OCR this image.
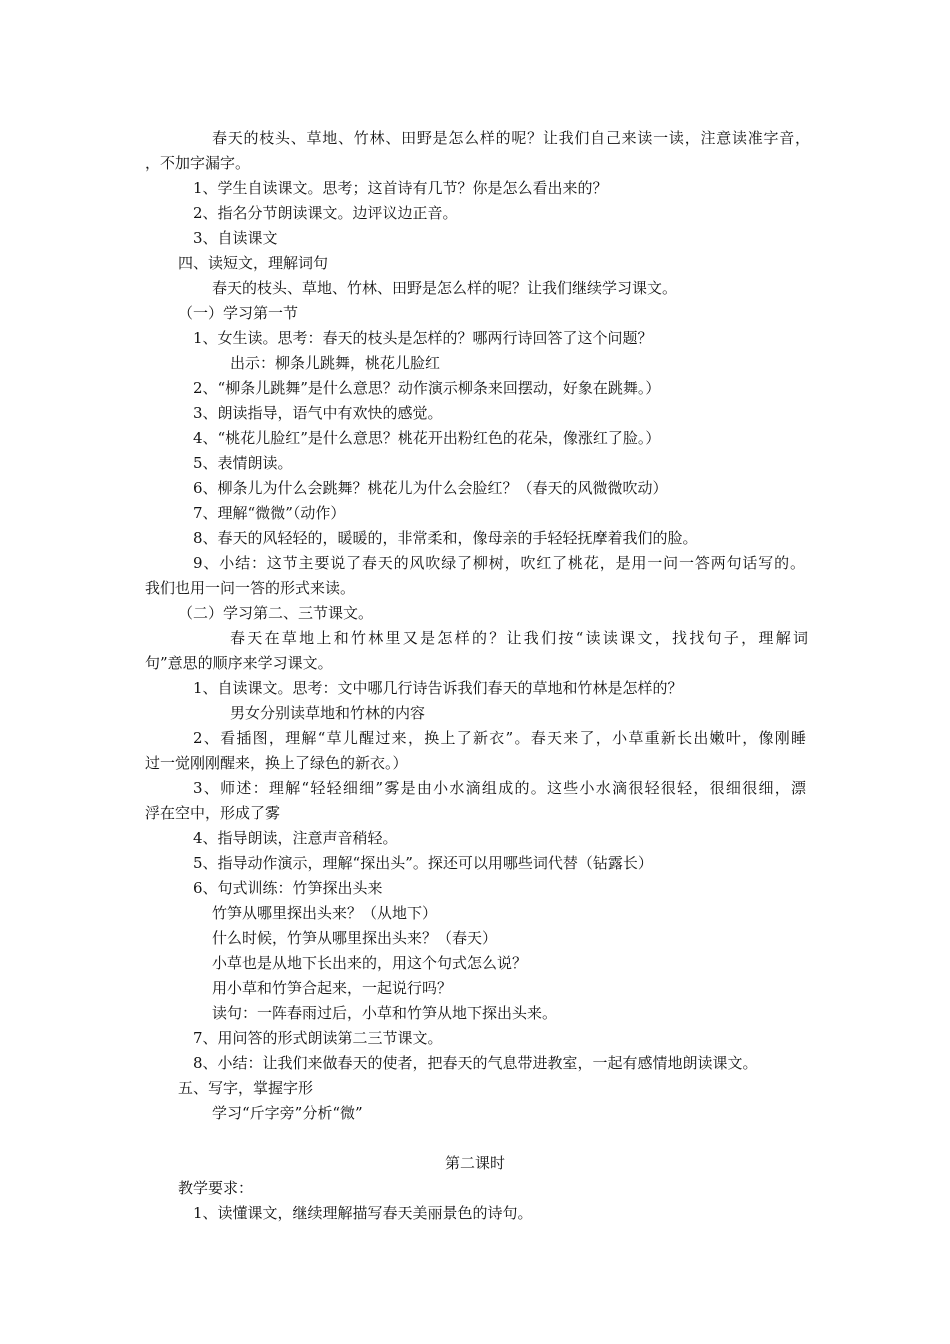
春天的枝头、草地、竹林、田野是怎么样的呢？让我们自己来读一读，注意读准字音，
，不加字漏字。
1、学生自读课文。思考；这首诗有几节？你是怎么看出来的？
2、指名分节朗读课文。边评议边正音。
3、自读课文
四、读短文，理解词句
春天的枝头、草地、竹林、田野是怎么样的呢？让我们继续学习课文。
（一）学习第一节
1、女生读。思考：春天的枝头是怎样的？哪两行诗回答了这个问题？
出示：柳条儿跳舞，桃花儿脸红
2、“柳条儿跳舞”是什么意思？动作演示柳条来回摆动，好象在跳舞。）
3、朗读指导，语气中有欢快的感觉。
4、“桃花儿脸红”是什么意思？桃花开出粉红色的花朵，像涨红了脸。）
5、表情朗读。
6、柳条儿为什么会跳舞？桃花儿为什么会脸红？（春天的风微微吹动）
7、理解“微微”（动作）
8、春天的风轻轻的，暖暖的，非常柔和，像母亲的手轻轻抚摩着我们的脸。
9、小结：这节主要说了春天的风吹绿了柳树，吹红了桃花，是用一问一答两句话写的。
我们也用一问一答的形式来读。
（二）学习第二、三节课文。
春天在草地上和竹林里又是怎样的？让我们按“读读课文，找找句子，理解词
句”意思的顺序来学习课文。
1、自读课文。思考：文中哪几行诗告诉我们春天的草地和竹林是怎样的？
男女分别读草地和竹林的内容
2、看插图，理解“草儿醒过来，换上了新衣”。春天来了，小草重新长出嫩叶，像刚睡
过一觉刚刚醒来，换上了绿色的新衣。）
3、师述：理解“轻轻细细”雾是由小水滴组成的。这些小水滴很轻很轻，很细很细，漂
浮在空中，形成了雾
4、指导朗读，注意声音稍轻。
5、指导动作演示，理解“探出头”。探还可以用哪些词代替（钻露长）
6、句式训练：竹笋探出头来
竹笋从哪里探出头来？（从地下）
什么时候，竹笋从哪里探出头来？（春天）
小草也是从地下长出来的，用这个句式怎么说？
用小草和竹笋合起来，一起说行吗？
读句：一阵春雨过后，小草和竹笋从地下探出头来。
7、用问答的形式朗读第二三节课文。
8、小结：让我们来做春天的使者，把春天的气息带进教室，一起有感情地朗读课文。
五、写字，掌握字形
学习“斤字旁”分析“微”
第二课时
教学要求：
1、读懂课文，继续理解描写春天美丽景色的诗句。
